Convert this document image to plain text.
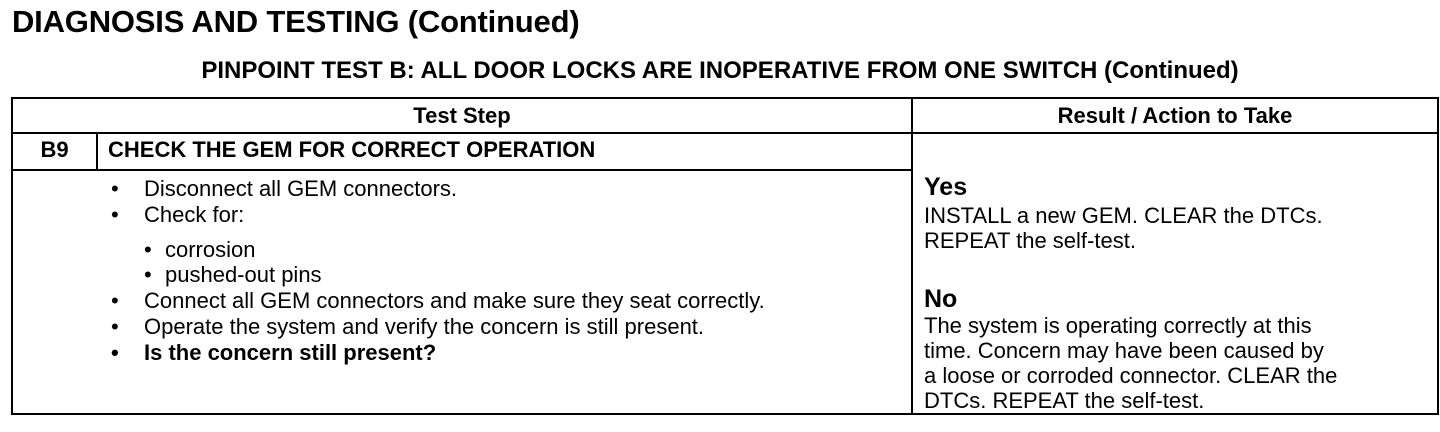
DIAGNOSIS AND TESTING (Continued)
PINPOINT TEST B: ALL DOOR LOCKS ARE INOPERATIVE FROM ONE SWITCH (Continued)
Test Step	Result / Action to Take
B9	CHECK THE GEM FOR CORRECT OPERATION
• Disconnect all GEM connectors.
• Check for:
• corrosion
• pushed-out pins
• Connect all GEM connectors and make sure they seat correctly.
• Operate the system and verify the concern is still present.
• Is the concern still present?
Yes
INSTALL a new GEM. CLEAR the DTCs.
REPEAT the self-test.
No
The system is operating correctly at this
time. Concern may have been caused by
a loose or corroded connector. CLEAR the
DTCs. REPEAT the self-test.
